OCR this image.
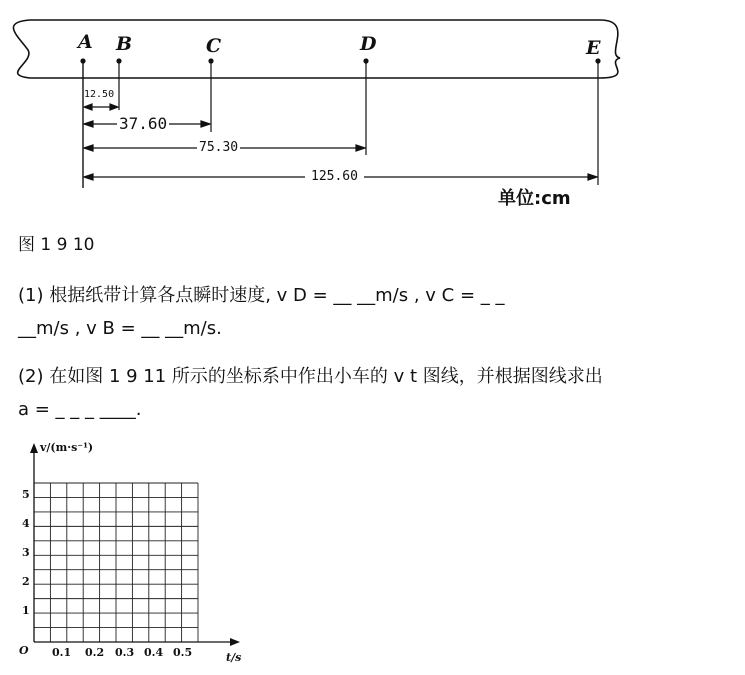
A B	C	D	E
12.50
37.60
75.30
125.60
单位:cm
图 1 9 10
(1) 根据纸带计算各点瞬时速度, v D = __ __m/s , v C = _ _
__m/s , v B = __ __m/s.
(2) 在如图 1 9 11 所示的坐标系中作出小车的 v t 图线，并根据图线求出
a = _ _ _ ____.
v/(m·s⁻¹)
t/s
O
1
2
3
4
5
0.1 0.2 0.3 0.4 0.5
